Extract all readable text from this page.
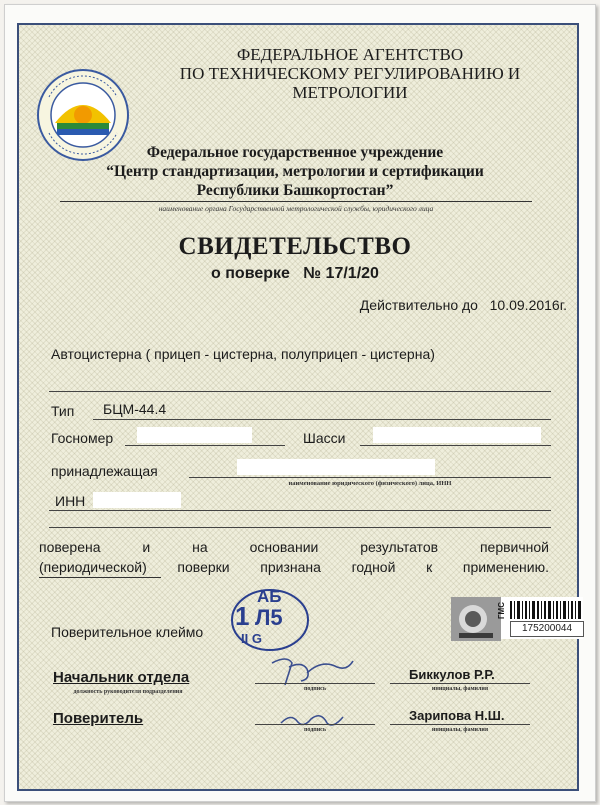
ФЕДЕРАЛЬНОЕ АГЕНТСТВО
ПО ТЕХНИЧЕСКОМУ РЕГУЛИРОВАНИЮ И
МЕТРОЛОГИИ
Федеральное государственное учреждение
“Центр стандартизации, метрологии и сертификации
Республики Башкортостан”
наименование органа Государственной метрологической службы, юридического лица
СВИДЕТЕЛЬСТВО
о поверке № 17/1/20
Действительно до 10.09.2016г.
Автоцистерна ( прицеп - цистерна, полуприцеп - цистерна)
Тип БЦМ-44.4
Госномер	Шасси
принадлежащая
наименование юридического (физического) лица, ИНН
ИНН
поверена и на основании результатов первичной
(периодической) поверки признана годной к применению.
Поверительное клеймо
АБ
1 Л5
II G
ГМС
175200044
Начальник отдела
должность руководителя подразделения	подпись
Биккулов Р.Р.
инициалы, фамилия
Поверитель
подпись
Зарипова Н.Ш.
инициалы, фамилия
